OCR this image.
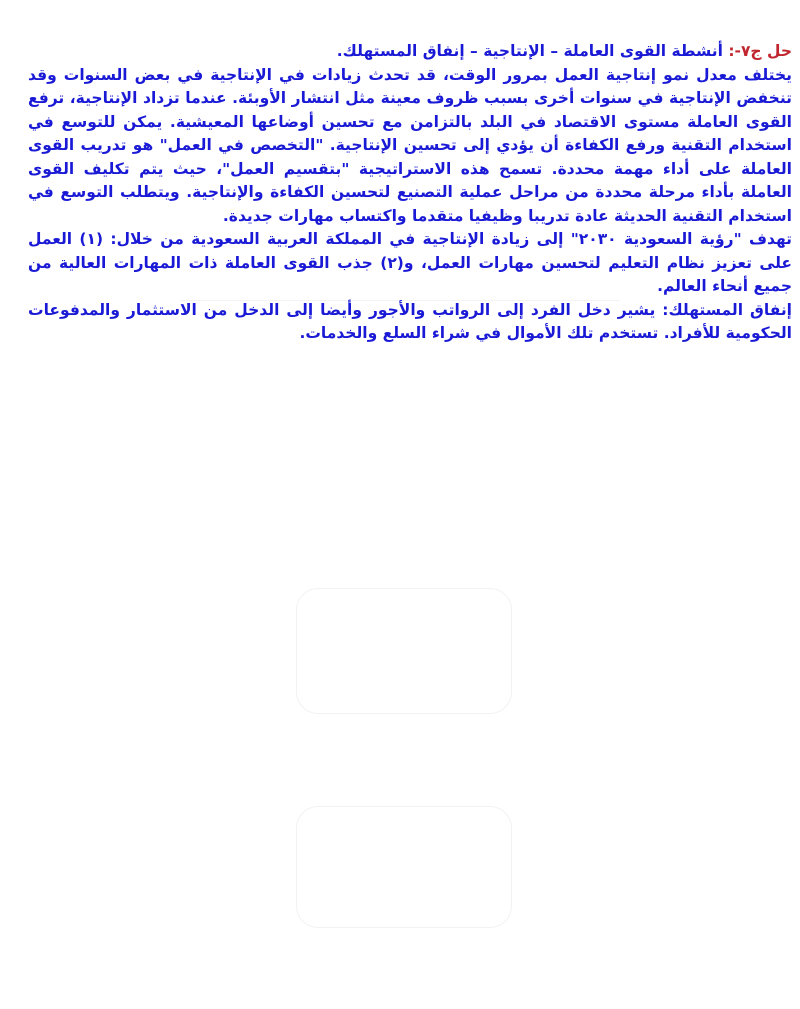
حل ج٧-: أنشطة القوى العاملة – الإنتاجية – إنفاق المستهلك.

يختلف معدل نمو إنتاجية العمل بمرور الوقت، قد تحدث زيادات في الإنتاجية في بعض السنوات وقد تنخفض الإنتاجية في سنوات أخرى بسبب ظروف معينة مثل انتشار الأوبئة. عندما تزداد الإنتاجية، ترفع القوى العاملة مستوى الاقتصاد في البلد بالتزامن مع تحسين أوضاعها المعيشية. يمكن للتوسع في استخدام التقنية ورفع الكفاءة أن يؤدي إلى تحسين الإنتاجية. "التخصص في العمل" هو تدريب القوى العاملة على أداء مهمة محددة. تسمح هذه الاستراتيجية "بتقسيم العمل"، حيث يتم تكليف القوى العاملة بأداء مرحلة محددة من مراحل عملية التصنيع لتحسين الكفاءة والإنتاجية. ويتطلب التوسع في استخدام التقنية الحديثة عادة تدريبا وظيفيا متقدما واكتساب مهارات جديدة.

تهدف "رؤية السعودية ٢٠٣٠" إلى زيادة الإنتاجية في المملكة العربية السعودية من خلال: (١) العمل على تعزيز نظام التعليم لتحسين مهارات العمل، و(٢) جذب القوى العاملة ذات المهارات العالية من جميع أنحاء العالم.

إنفاق المستهلك: يشير دخل الفرد إلى الرواتب والأجور وأيضا إلى الدخل من الاستثمار والمدفوعات الحكومية للأفراد. تستخدم تلك الأموال في شراء السلع والخدمات.
